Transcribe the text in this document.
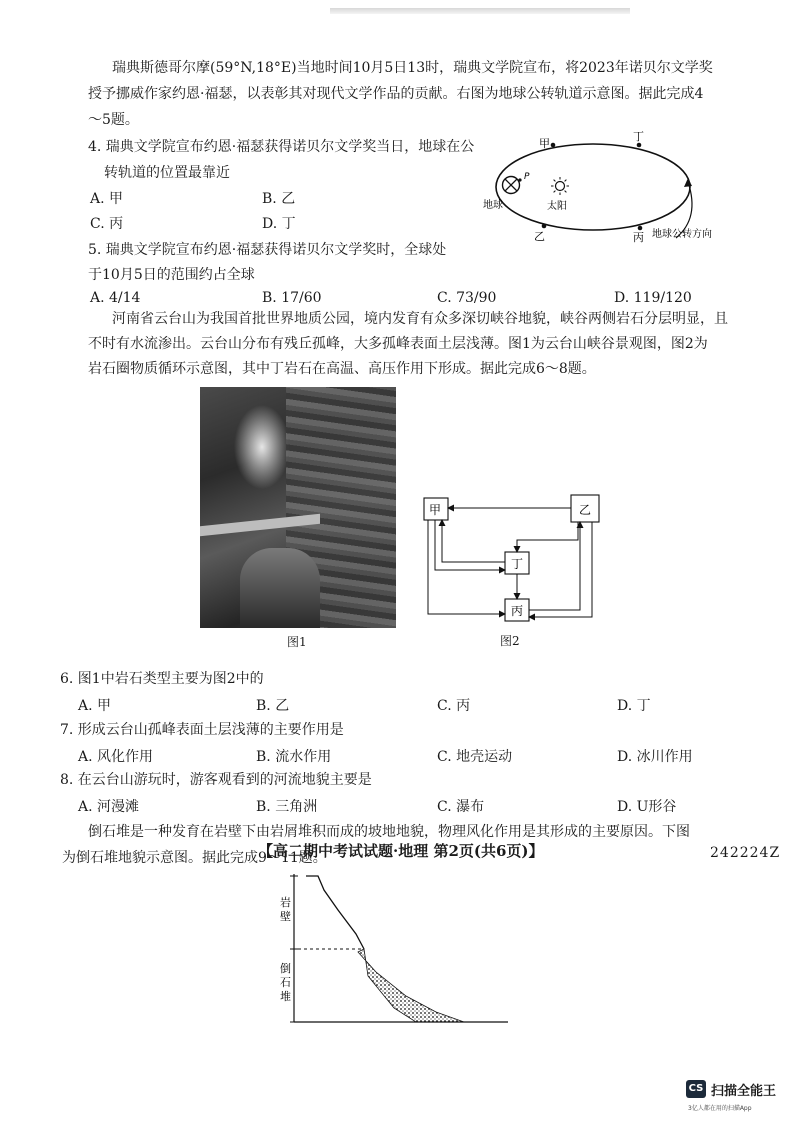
瑞典斯德哥尔摩(59°N,18°E)当地时间10月5日13时，瑞典文学院宣布，将2023年诺贝尔文学奖
授予挪威作家约恩·福瑟，以表彰其对现代文学作品的贡献。右图为地球公转轨道示意图。据此完成4
～5题。
4. 瑞典文学院宣布约恩·福瑟获得诺贝尔文学奖当日，地球在公
转轨道的位置最靠近
A. 甲	B. 乙
C. 丙	D. 丁
甲
丁
乙	丙
P
地球	太阳
地球公转方向
5. 瑞典文学院宣布约恩·福瑟获得诺贝尔文学奖时，全球处
于10月5日的范围约占全球
A. 4/14	B. 17/60	C. 73/90	D. 119/120
河南省云台山为我国首批世界地质公园，境内发育有众多深切峡谷地貌，峡谷两侧岩石分层明显，且
不时有水流渗出。云台山分布有残丘孤峰，大多孤峰表面土层浅薄。图1为云台山峡谷景观图，图2为
岩石圈物质循环示意图，其中丁岩石在高温、高压作用下形成。据此完成6～8题。
图1
甲	乙
丁
丙
图2
6. 图1中岩石类型主要为图2中的
A. 甲	B. 乙	C. 丙	D. 丁
7. 形成云台山孤峰表面土层浅薄的主要作用是
A. 风化作用	B. 流水作用	C. 地壳运动	D. 冰川作用
8. 在云台山游玩时，游客观看到的河流地貌主要是
A. 河漫滩	B. 三角洲	C. 瀑布	D. U形谷
倒石堆是一种发育在岩壁下由岩屑堆积而成的坡地地貌，物理风化作用是其形成的主要原因。下图
为倒石堆地貌示意图。据此完成9～11题。
岩
壁
倒
石
堆
【高二期中考试试题·地理 第2页(共6页)】	242224Z
CS 扫描全能王
3亿人都在用的扫描App
